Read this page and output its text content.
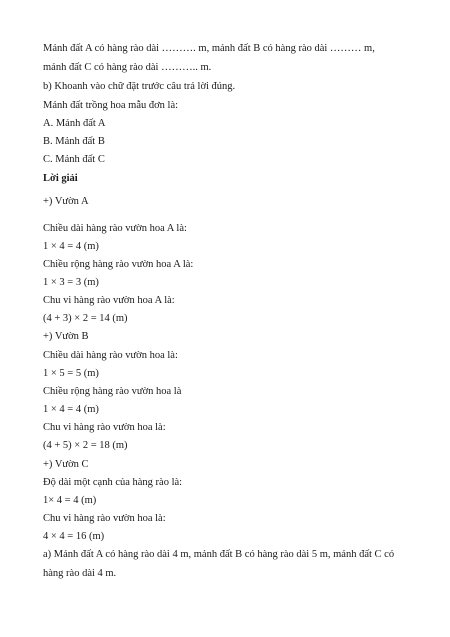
Mảnh đất A có hàng rào dài ………. m, mảnh đất B có hàng rào dài ……… m,
mảnh đất C có hàng rào dài ……….. m.
b) Khoanh vào chữ đặt trước câu trả lời đúng.
Mảnh đất trồng hoa mẫu đơn là:
A. Mảnh đất A
B. Mảnh đất B
C. Mảnh đất C
Lời giải
+) Vườn A
Chiều dài hàng rào vườn hoa A là:
1 × 4 = 4 (m)
Chiều rộng hàng rào vườn hoa A là:
1 × 3 = 3 (m)
Chu vi hàng rào vườn hoa A là:
(4 + 3) × 2 = 14 (m)
+) Vườn B
Chiều dài hàng rào vườn hoa là:
1 × 5 = 5 (m)
Chiều rộng hàng rào vườn hoa là
1 × 4 = 4 (m)
Chu vi hàng rào vườn hoa là:
(4 + 5) × 2 = 18 (m)
+) Vườn C
Độ dài một cạnh của hàng rào là:
1× 4 = 4 (m)
Chu vi hàng rào vườn hoa là:
4 × 4 = 16 (m)
a) Mảnh đất A có hàng rào dài 4 m, mảnh đất B có hàng rào dài 5 m, mảnh đất C có
hàng rào dài 4 m.
